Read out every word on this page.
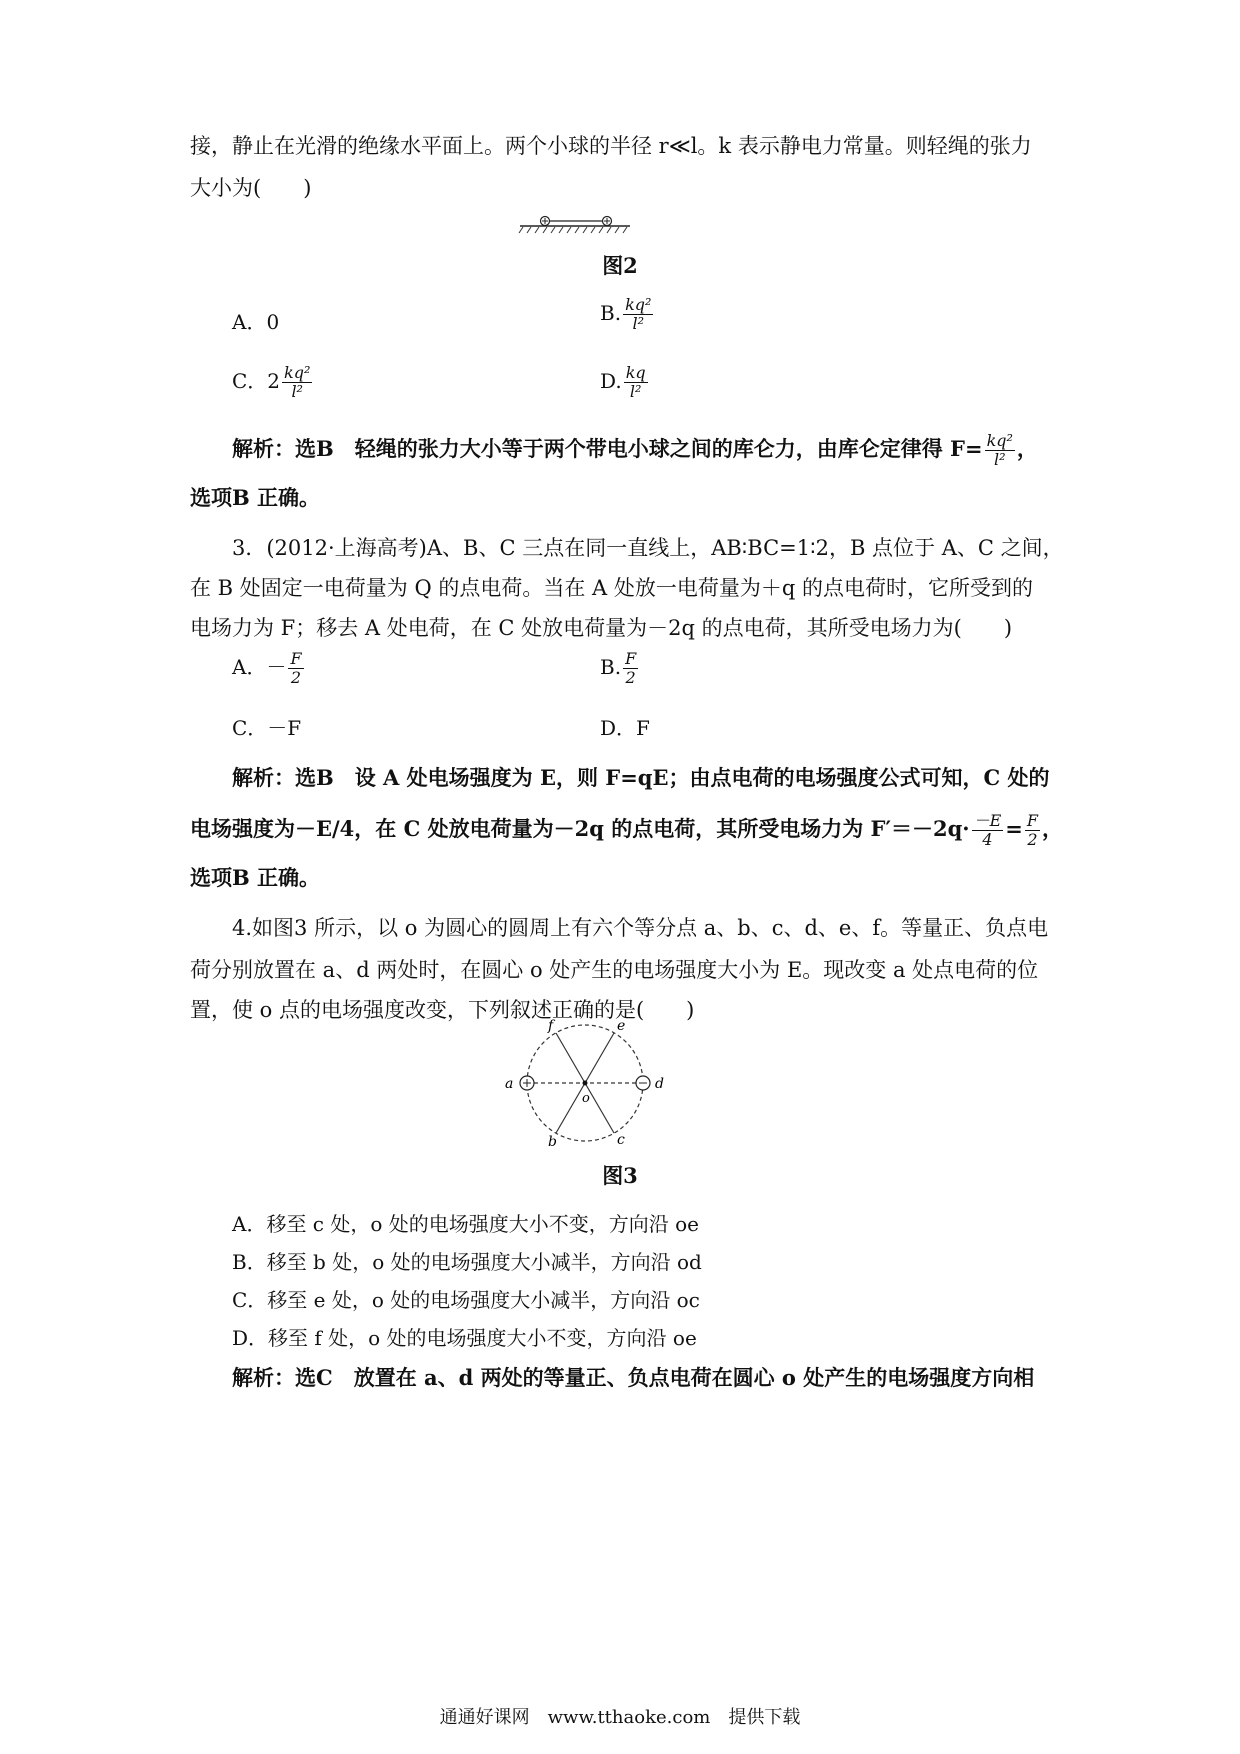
接，静止在光滑的绝缘水平面上。两个小球的半径 r≪l。k 表示静电力常量。则轻绳的张力
大小为(　　)
图2
A．0	B. $\frac{\text{kq²}}{\text{l²}}$
C．$2 \frac{\text{kq²}}{\text{l²}}$	D. $\frac{kq}{\text{l²}}$
解析：选B　轻绳的张力大小等于两个带电小球之间的库仑力，由库仑定律得 $F= \frac{\text{kq²}}{\text{l²}}$ ，
选项B 正确。
3．(2012·上海高考)A、B、C 三点在同一直线上，AB∶BC=1∶2，B 点位于 A、C 之间，
在 B 处固定一电荷量为 Q 的点电荷。当在 A 处放一电荷量为＋q 的点电荷时，它所受到的
电场力为 F；移去 A 处电荷，在 C 处放电荷量为－2q 的点电荷，其所受电场力为(　　)
A．－ $\frac{F}{2}$	B. $\frac{F}{2}$
C．－F	D．F
解析：选B　设 A 处电场强度为 E，则 F=qE；由点电荷的电场强度公式可知，C 处的
电场强度为－E/4，在 C 处放电荷量为－2q 的点电荷，其所受电场力为 $F'=-2q\cdot \frac{-E}{4} = \frac{F}{2}$ ，
选项B 正确。
4.如图3 所示，以 o 为圆心的圆周上有六个等分点 a、b、c、d、e、f。等量正、负点电
荷分别放置在 a、d 两处时，在圆心 o 处产生的电场强度大小为 E。现改变 a 处点电荷的位
置，使 o 点的电场强度改变，下列叙述正确的是(　　)
a	d
f	e
b	c
o
图3
A．移至 c 处，o 处的电场强度大小不变，方向沿 oe
B．移至 b 处，o 处的电场强度大小减半，方向沿 od
C．移至 e 处，o 处的电场强度大小减半，方向沿 oc
D．移至 f 处，o 处的电场强度大小不变，方向沿 oe
解析：选C　放置在 a、d 两处的等量正、负点电荷在圆心 o 处产生的电场强度方向相
通通好课网　www.tthaoke.com　提供下载
